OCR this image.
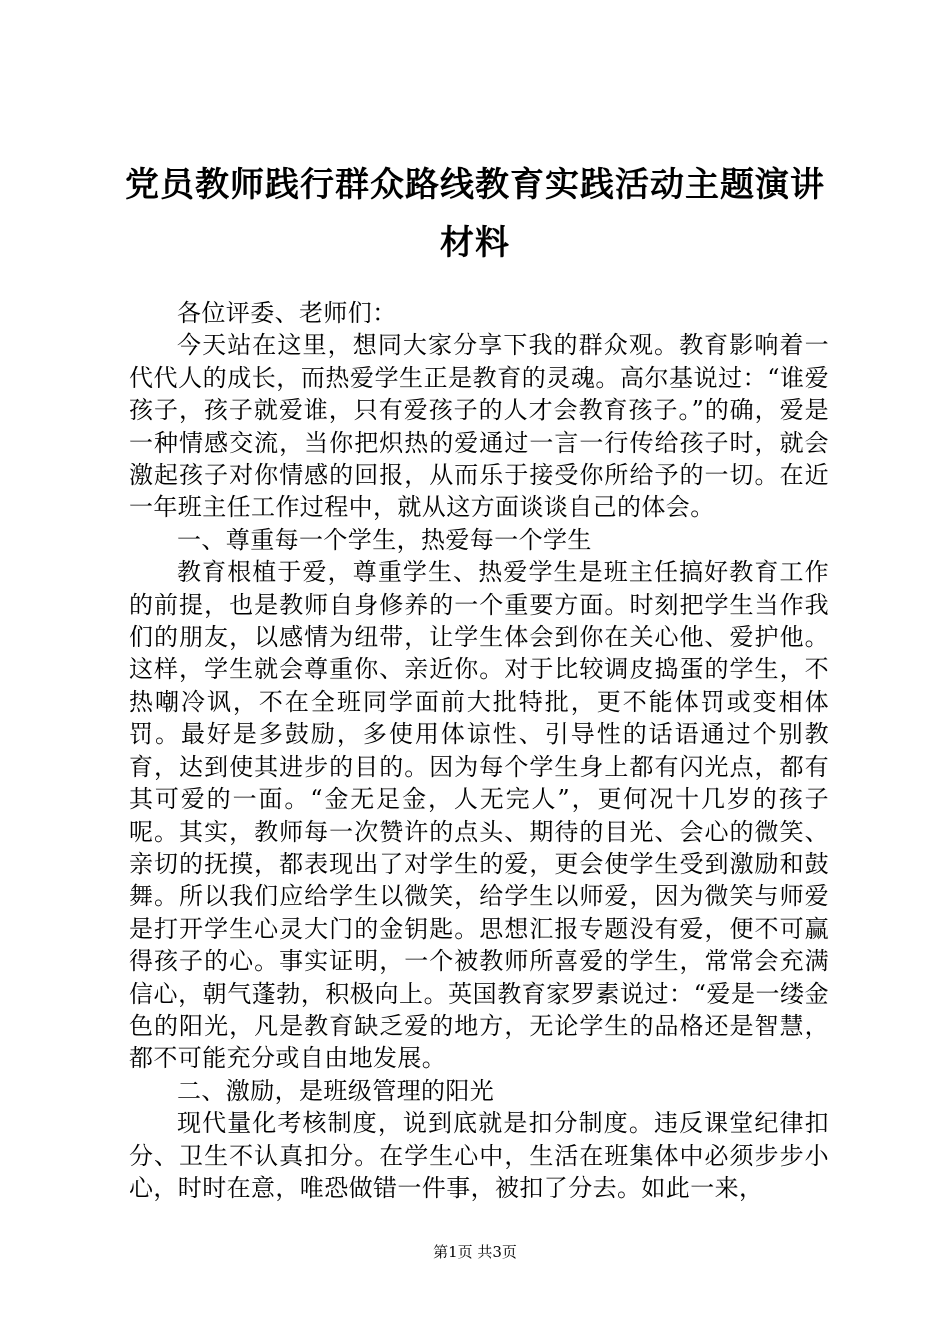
党员教师践行群众路线教育实践活动主题演讲材料

各位评委、老师们：

今天站在这里，想同大家分享下我的群众观。教育影响着一代代人的成长，而热爱学生正是教育的灵魂。高尔基说过：“谁爱孩子，孩子就爱谁，只有爱孩子的人才会教育孩子。”的确，爱是一种情感交流，当你把炽热的爱通过一言一行传给孩子时，就会激起孩子对你情感的回报，从而乐于接受你所给予的一切。在近一年班主任工作过程中，就从这方面谈谈自己的体会。

一、尊重每一个学生，热爱每一个学生

教育根植于爱，尊重学生、热爱学生是班主任搞好教育工作的前提，也是教师自身修养的一个重要方面。时刻把学生当作我们的朋友，以感情为纽带，让学生体会到你在关心他、爱护他。这样，学生就会尊重你、亲近你。对于比较调皮捣蛋的学生，不热嘲冷讽，不在全班同学面前大批特批，更不能体罚或变相体罚。最好是多鼓励，多使用体谅性、引导性的话语通过个别教育，达到使其进步的目的。因为每个学生身上都有闪光点，都有其可爱的一面。“金无足金，人无完人”，更何况十几岁的孩子呢。其实，教师每一次赞许的点头、期待的目光、会心的微笑、亲切的抚摸，都表现出了对学生的爱，更会使学生受到激励和鼓舞。所以我们应给学生以微笑，给学生以师爱，因为微笑与师爱是打开学生心灵大门的金钥匙。思想汇报专题没有爱，便不可赢得孩子的心。事实证明，一个被教师所喜爱的学生，常常会充满信心，朝气蓬勃，积极向上。英国教育家罗素说过：“爱是一缕金色的阳光，凡是教育缺乏爱的地方，无论学生的品格还是智慧，都不可能充分或自由地发展。

二、激励，是班级管理的阳光

现代量化考核制度，说到底就是扣分制度。违反课堂纪律扣分、卫生不认真扣分。在学生心中，生活在班集体中必须步步小心，时时在意，唯恐做错一件事，被扣了分去。如此一来，

第1页 共3页
